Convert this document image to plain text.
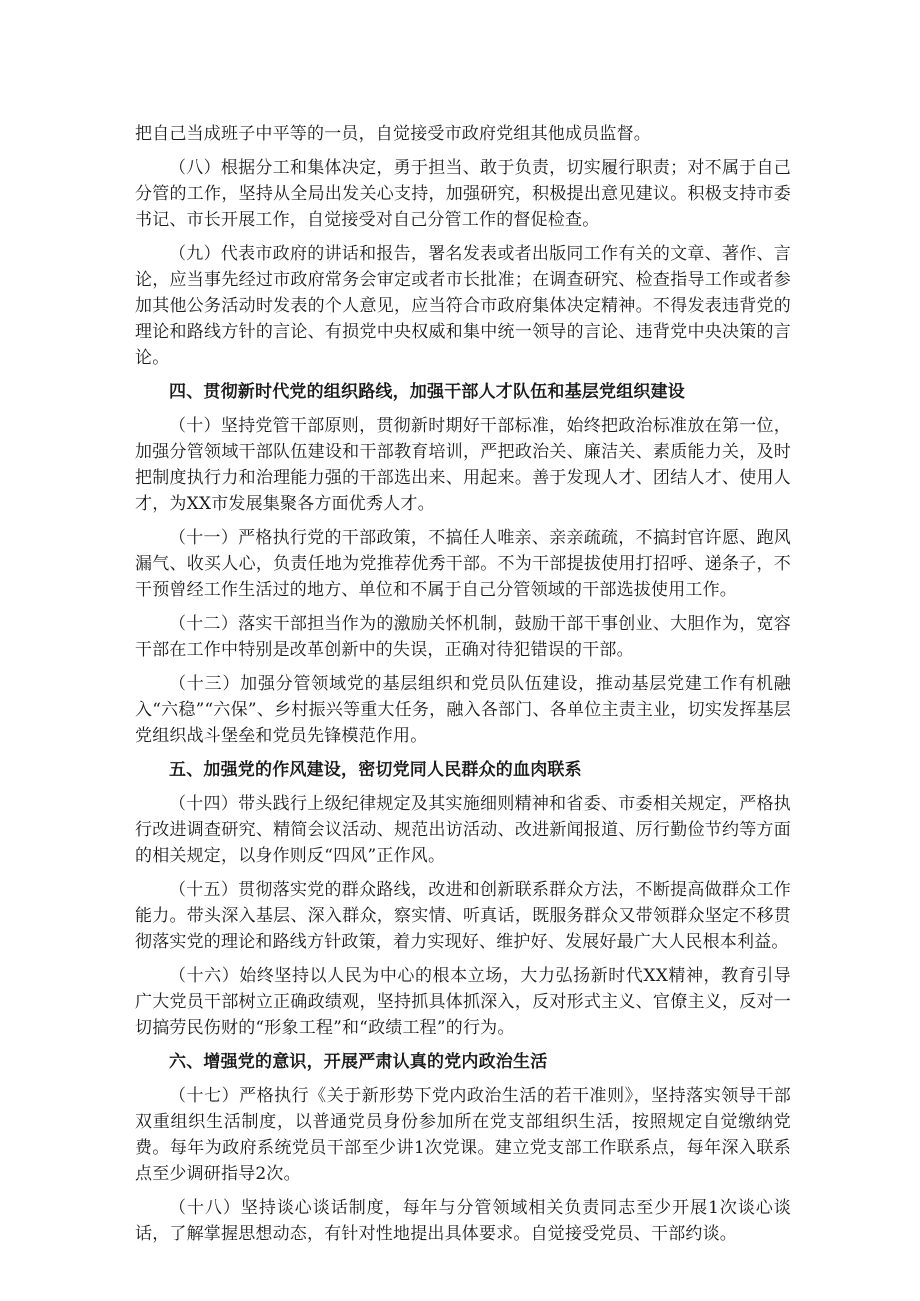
把自己当成班子中平等的一员，自觉接受市政府党组其他成员监督。

（八）根据分工和集体决定，勇于担当、敢于负责，切实履行职责；对不属于自己分管的工作，坚持从全局出发关心支持，加强研究，积极提出意见建议。积极支持市委书记、市长开展工作，自觉接受对自己分管工作的督促检查。

（九）代表市政府的讲话和报告，署名发表或者出版同工作有关的文章、著作、言论，应当事先经过市政府常务会审定或者市长批准；在调查研究、检查指导工作或者参加其他公务活动时发表的个人意见，应当符合市政府集体决定精神。不得发表违背党的理论和路线方针的言论、有损党中央权威和集中统一领导的言论、违背党中央决策的言论。

四、贯彻新时代党的组织路线，加强干部人才队伍和基层党组织建设

（十）坚持党管干部原则，贯彻新时期好干部标准，始终把政治标准放在第一位，加强分管领域干部队伍建设和干部教育培训，严把政治关、廉洁关、素质能力关，及时把制度执行力和治理能力强的干部选出来、用起来。善于发现人才、团结人才、使用人才，为XX市发展集聚各方面优秀人才。

（十一）严格执行党的干部政策，不搞任人唯亲、亲亲疏疏，不搞封官许愿、跑风漏气、收买人心，负责任地为党推荐优秀干部。不为干部提拔使用打招呼、递条子，不干预曾经工作生活过的地方、单位和不属于自己分管领域的干部选拔使用工作。

（十二）落实干部担当作为的激励关怀机制，鼓励干部干事创业、大胆作为，宽容干部在工作中特别是改革创新中的失误，正确对待犯错误的干部。

（十三）加强分管领域党的基层组织和党员队伍建设，推动基层党建工作有机融入“六稳”“六保”、乡村振兴等重大任务，融入各部门、各单位主责主业，切实发挥基层党组织战斗堡垒和党员先锋模范作用。

五、加强党的作风建设，密切党同人民群众的血肉联系

（十四）带头践行上级纪律规定及其实施细则精神和省委、市委相关规定，严格执行改进调查研究、精简会议活动、规范出访活动、改进新闻报道、厉行勤俭节约等方面的相关规定，以身作则反“四风”正作风。

（十五）贯彻落实党的群众路线，改进和创新联系群众方法，不断提高做群众工作能力。带头深入基层、深入群众，察实情、听真话，既服务群众又带领群众坚定不移贯彻落实党的理论和路线方针政策，着力实现好、维护好、发展好最广大人民根本利益。

（十六）始终坚持以人民为中心的根本立场，大力弘扬新时代XX精神，教育引导广大党员干部树立正确政绩观，坚持抓具体抓深入，反对形式主义、官僚主义，反对一切搞劳民伤财的“形象工程”和“政绩工程”的行为。

六、增强党的意识，开展严肃认真的党内政治生活

（十七）严格执行《关于新形势下党内政治生活的若干准则》，坚持落实领导干部双重组织生活制度，以普通党员身份参加所在党支部组织生活，按照规定自觉缴纳党费。每年为政府系统党员干部至少讲1次党课。建立党支部工作联系点，每年深入联系点至少调研指导2次。

（十八）坚持谈心谈话制度，每年与分管领域相关负责同志至少开展1次谈心谈话，了解掌握思想动态，有针对性地提出具体要求。自觉接受党员、干部约谈。
